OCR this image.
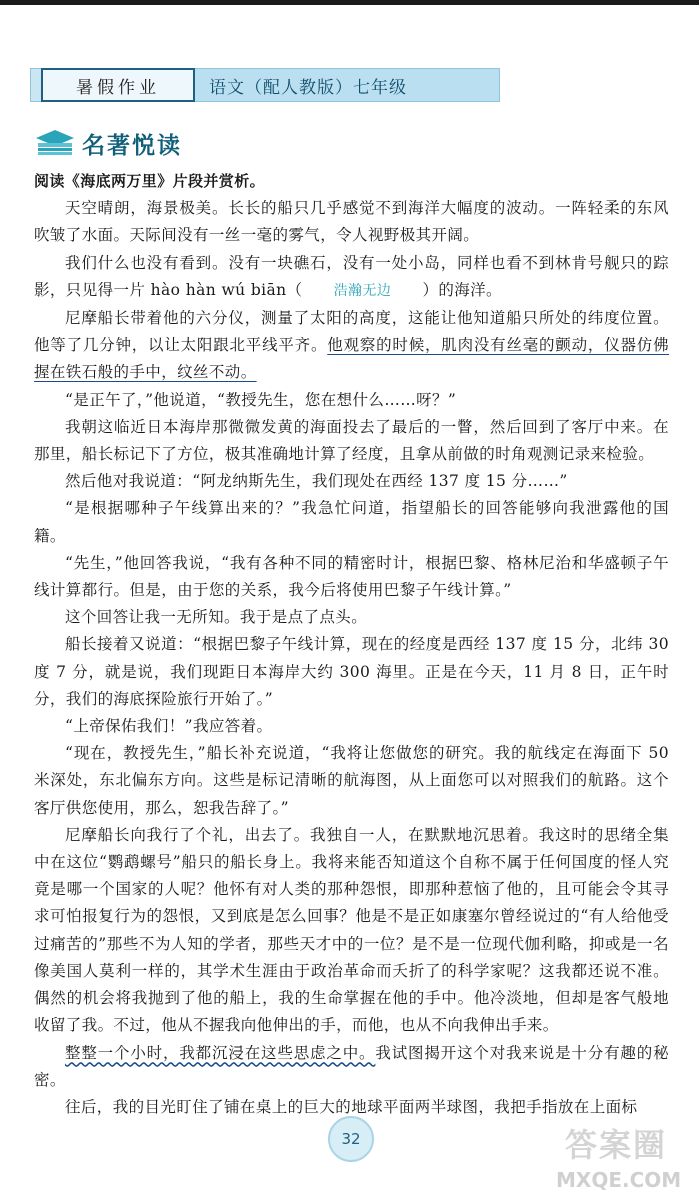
暑假作业	语文（配人教版）七年级
名著悦读

阅读《海底两万里》片段并赏析。

天空晴朗，海景极美。长长的船只几乎感觉不到海洋大幅度的波动。一阵轻柔的东风吹皱了水面。天际间没有一丝一毫的雾气，令人视野极其开阔。

我们什么也没有看到。没有一块礁石，没有一处小岛，同样也看不到林肯号舰只的踪影，只见得一片 hào hàn wú biān（ 浩瀚无边 ）的海洋。

尼摩船长带着他的六分仪，测量了太阳的高度，这能让他知道船只所处的纬度位置。他等了几分钟，以让太阳跟北平线平齐。他观察的时候，肌肉没有丝毫的颤动，仪器仿佛握在铁石般的手中，纹丝不动。

“是正午了，”他说道，“教授先生，您在想什么……呀？”

我朝这临近日本海岸那微微发黄的海面投去了最后的一瞥，然后回到了客厅中来。在那里，船长标记下了方位，极其准确地计算了经度，且拿从前做的时角观测记录来检验。

然后他对我说道：“阿龙纳斯先生，我们现处在西经 137 度 15 分……”

“是根据哪种子午线算出来的？”我急忙问道，指望船长的回答能够向我泄露他的国籍。

“先生，”他回答我说，“我有各种不同的精密时计，根据巴黎、格林尼治和华盛顿子午线计算都行。但是，由于您的关系，我今后将使用巴黎子午线计算。”

这个回答让我一无所知。我于是点了点头。

船长接着又说道：“根据巴黎子午线计算，现在的经度是西经 137 度 15 分，北纬 30 度 7 分，就是说，我们现距日本海岸大约 300 海里。正是在今天，11 月 8 日，正午时分，我们的海底探险旅行开始了。”

“上帝保佑我们！”我应答着。

“现在，教授先生，”船长补充说道，“我将让您做您的研究。我的航线定在海面下 50 米深处，东北偏东方向。这些是标记清晰的航海图，从上面您可以对照我们的航路。这个客厅供您使用，那么，恕我告辞了。”

尼摩船长向我行了个礼，出去了。我独自一人，在默默地沉思着。我这时的思绪全集中在这位“鹦鹉螺号”船只的船长身上。我将来能否知道这个自称不属于任何国度的怪人究竟是哪一个国家的人呢？他怀有对人类的那种怨恨，即那种惹恼了他的，且可能会令其寻求可怕报复行为的怨恨，又到底是怎么回事？他是不是正如康塞尔曾经说过的“有人给他受过痛苦的”那些不为人知的学者，那些天才中的一位？是不是一位现代伽利略，抑或是一名像美国人莫利一样的，其学术生涯由于政治革命而夭折了的科学家呢？这我都还说不准。偶然的机会将我抛到了他的船上，我的生命掌握在他的手中。他冷淡地，但却是客气般地收留了我。不过，他从不握我向他伸出的手，而他，也从不向我伸出手来。

整整一个小时，我都沉浸在这些思虑之中。我试图揭开这个对我来说是十分有趣的秘密。

往后，我的目光盯住了铺在桌上的巨大的地球平面两半球图，我把手指放在上面标

32	答案圈
MXQE.COM
